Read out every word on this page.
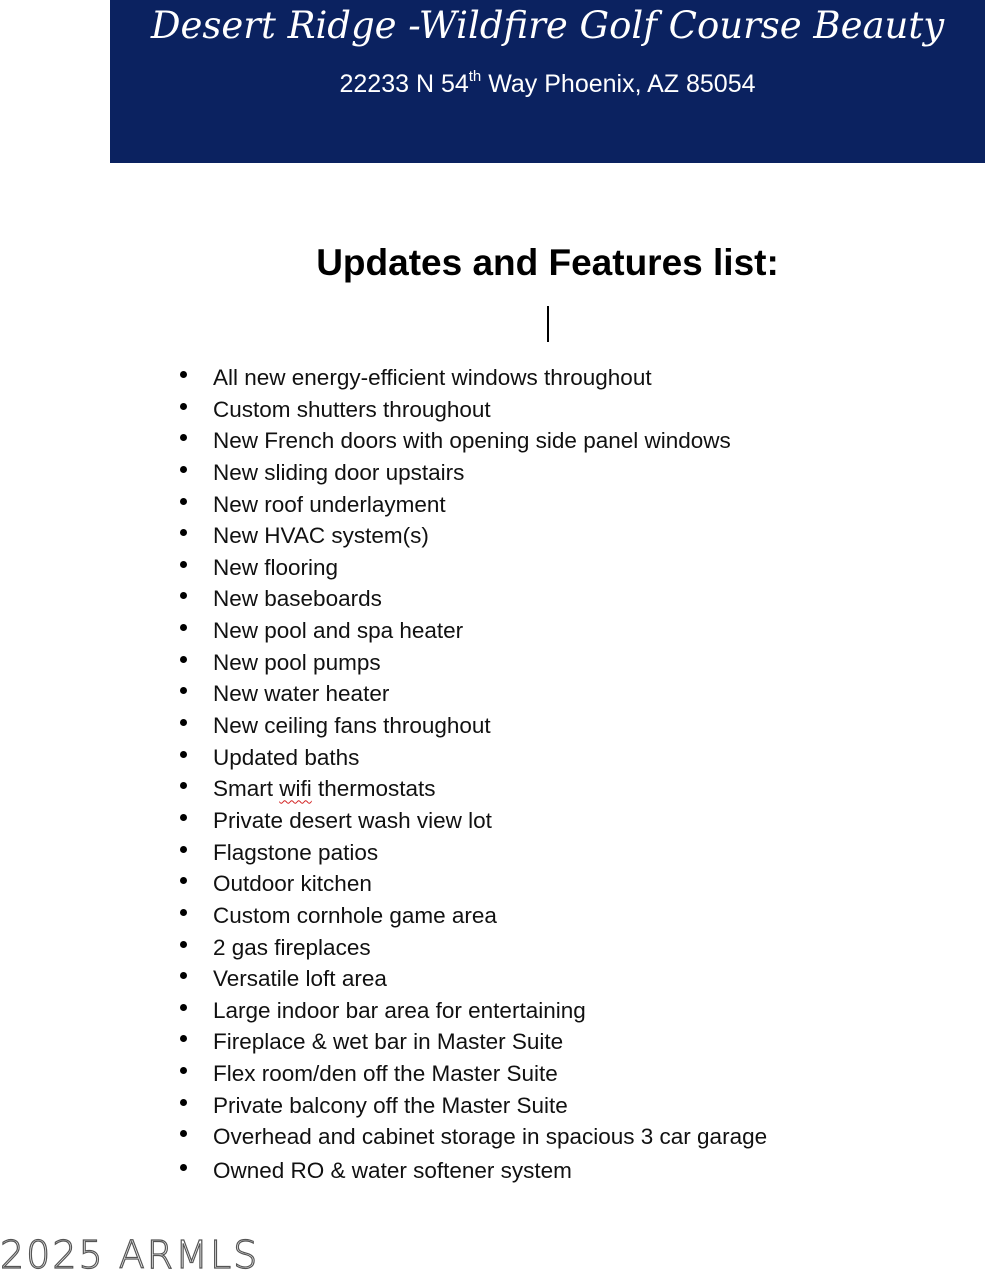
Desert Ridge -Wildfire Golf Course Beauty
22233 N 54th Way Phoenix, AZ 85054
Updates and Features list:
All new energy-efficient windows throughout
Custom shutters throughout
New French doors with opening side panel windows
New sliding door upstairs
New roof underlayment
New HVAC system(s)
New flooring
New baseboards
New pool and spa heater
New pool pumps
New water heater
New ceiling fans throughout
Updated baths
Smart wifi thermostats
Private desert wash view lot
Flagstone patios
Outdoor kitchen
Custom cornhole game area
2 gas fireplaces
Versatile loft area
Large indoor bar area for entertaining
Fireplace & wet bar in Master Suite
Flex room/den off the Master Suite
Private balcony off the Master Suite
Overhead and cabinet storage in spacious 3 car garage
Owned RO & water softener system
2025 ARMLS
